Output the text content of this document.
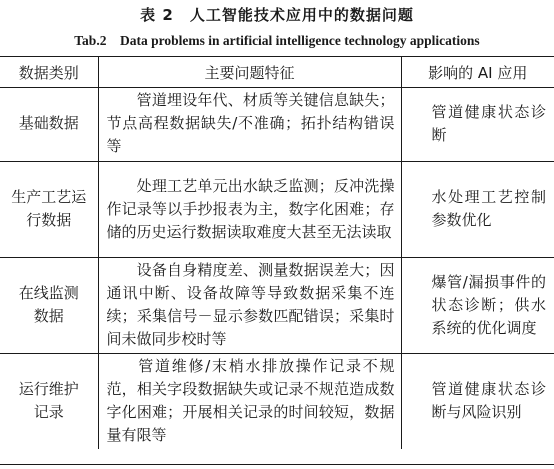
表 2　人工智能技术应用中的数据问题
Tab.2　Data problems in artificial intelligence technology applications
数据类别	主要问题特征	影响的 AI 应用
基础数据	管道埋设年代、材质等关键信息缺失；节点高程数据缺失/不准确；拓扑结构错误等	管道健康状态诊断
生产工艺运行数据	处理工艺单元出水缺乏监测；反冲洗操作记录等以手抄报表为主，数字化困难；存储的历史运行数据读取难度大甚至无法读取	水处理工艺控制参数优化
在线监测数据	设备自身精度差、测量数据误差大；因通讯中断、设备故障等导致数据采集不连续；采集信号－显示参数匹配错误；采集时间未做同步校时等	爆管/漏损事件的状态诊断；供水系统的优化调度
运行维护记录	管道维修/末梢水排放操作记录不规范，相关字段数据缺失或记录不规范造成数字化困难；开展相关记录的时间较短，数据量有限等	管道健康状态诊断与风险识别
